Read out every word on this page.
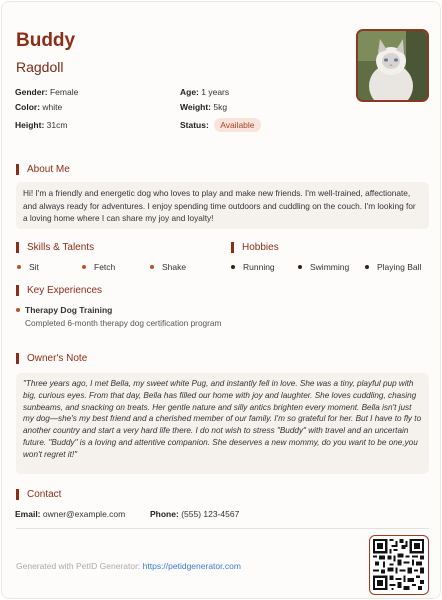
Buddy
Ragdoll
Gender: Female	Age: 1 years
Color: white	Weight: 5kg
Height: 31cm	Status: Available
About Me
Hi! I'm a friendly and energetic dog who loves to play and make new friends. I'm well-trained, affectionate, and always ready for adventures. I enjoy spending time outdoors and cuddling on the couch. I'm looking for a loving home where I can share my joy and loyalty!
Skills & Talents
Sit	Fetch	Shake
Hobbies
Running	Swimming	Playing Ball
Key Experiences
Therapy Dog Training
Completed 6-month therapy dog certification program
Owner's Note
"Three years ago, I met Bella, my sweet white Pug, and instantly fell in love. She was a tiny, playful pup with big, curious eyes. From that day, Bella has filled our home with joy and laughter. She loves cuddling, chasing sunbeams, and snacking on treats. Her gentle nature and silly antics brighten every moment. Bella isn't just my dog—she's my best friend and a cherished member of our family. I'm so grateful for her. But I have to fly to another country and start a very hard life there. I do not wish to stress "Buddy" with travel and an uncertain future. "Buddy" is a loving and attentive companion. She deserves a new mommy, do you want to be one,you won't regret it!"
Contact
Email: owner@example.com	Phone: (555) 123-4567
Generated with PetID Generator: https://petidgenerator.com
